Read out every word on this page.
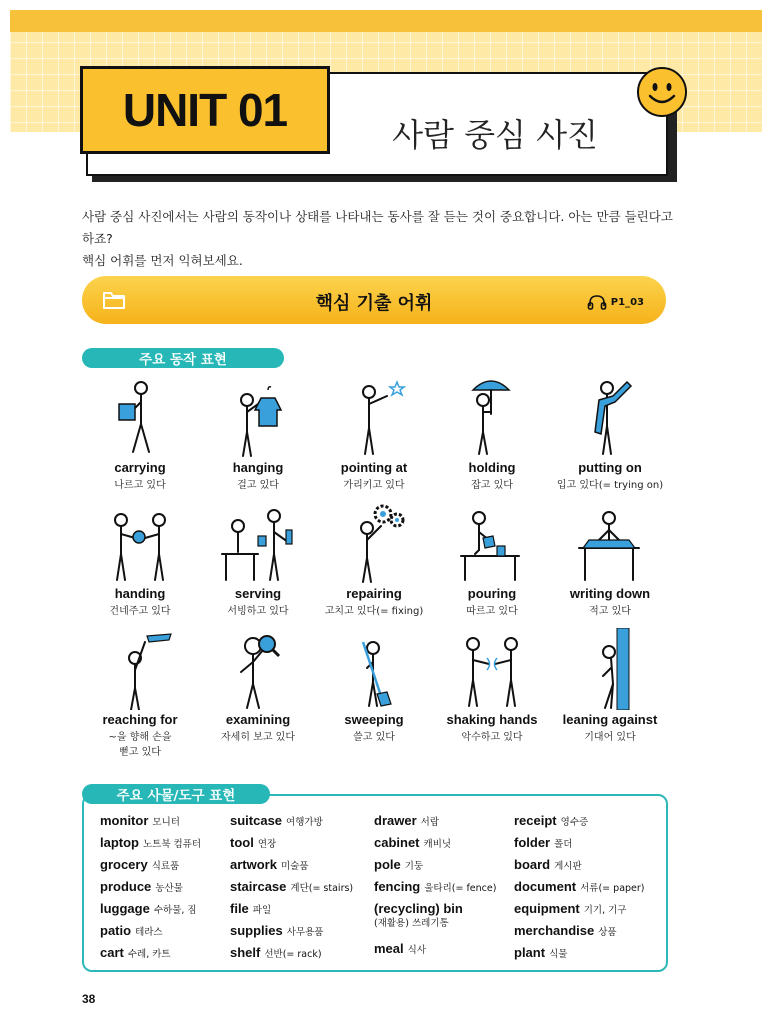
UNIT 01	사람 중심 사진
사람 중심 사진에서는 사람의 동작이나 상태를 나타내는 동사를 잘 듣는 것이 중요합니다. 아는 만큼 들린다고 하죠?
핵심 어휘를 먼저 익혀보세요.
핵심 기출 어휘	P1_03
주요 동작 표현
carrying
나르고 있다
hanging
걸고 있다
pointing at
가리키고 있다
holding
잡고 있다
putting on
입고 있다(= trying on)
handing
건네주고 있다
serving
서빙하고 있다
repairing
고치고 있다(= fixing)
pouring
따르고 있다
writing down
적고 있다
reaching for
~을 향해 손을
뻗고 있다
examining
자세히 보고 있다
sweeping
쓸고 있다
shaking hands
악수하고 있다
leaning against
기대어 있다
monitor 모니터
laptop 노트북 컴퓨터
grocery 식료품
produce 농산물
luggage 수하물, 짐
patio 테라스
cart 수레, 카트
suitcase 여행가방
tool 연장
artwork 미술품
staircase 계단(= stairs)
file 파일
supplies 사무용품
shelf 선반(= rack)
drawer 서랍
cabinet 캐비닛
pole 기둥
fencing 울타리(= fence)
(recycling) bin
(재활용) 쓰레기통
meal 식사
receipt 영수증
folder 폴더
board 게시판
document 서류(= paper)
equipment 기기, 기구
merchandise 상품
plant 식물
주요 사물/도구 표현
38
